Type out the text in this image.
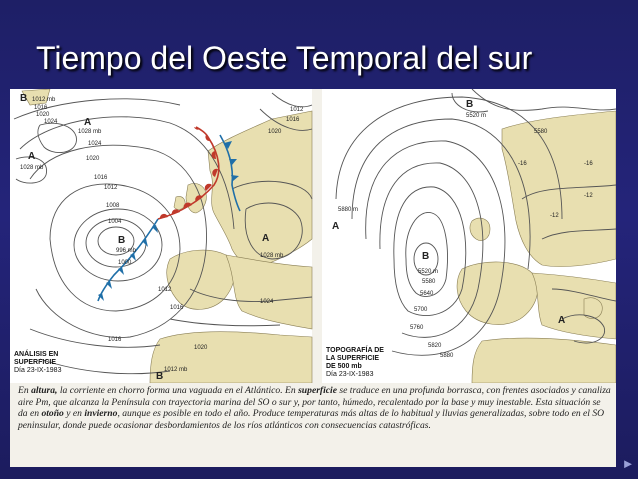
Tiempo del Oeste Temporal del sur
B 1012 mb
1016
1020
1024	A
1028 mb
A
1028 mb
1024
1020
1016
1012
1008
1004
B
996 mb
1000
1012
1016
1020
A
1028 mb
1024
1012
1016
1020
B
1012 mb
1016
B
5520 m
5580
A
5880 m
B
5520 m
5580
5640
5700
5760
5820
5880
A
-16
-12
-16
-12
ANÁLISIS EN
SUPERFICIE
Día 23-IX-1983
TOPOGRAFÍA DE
LA SUPERFICIE
DE 500 mb
Día 23-IX-1983
En altura, la corriente en chorro forma una vaguada en el Atlántico. En superficie se traduce en una profunda borrasca, con frentes asociados y canaliza aire Pm, que alcanza la Península con trayectoria marina del SO o sur y, por tanto, húmedo, recalentado por la base y muy inestable. Esta situación se da en otoño y en invierno, aunque es posible en todo el año. Produce temperaturas más altas de lo habitual y lluvias generalizadas, sobre todo en el SO peninsular, donde puede ocasionar desbordamientos de los ríos atlánticos con consecuencias catastróficas.
►
